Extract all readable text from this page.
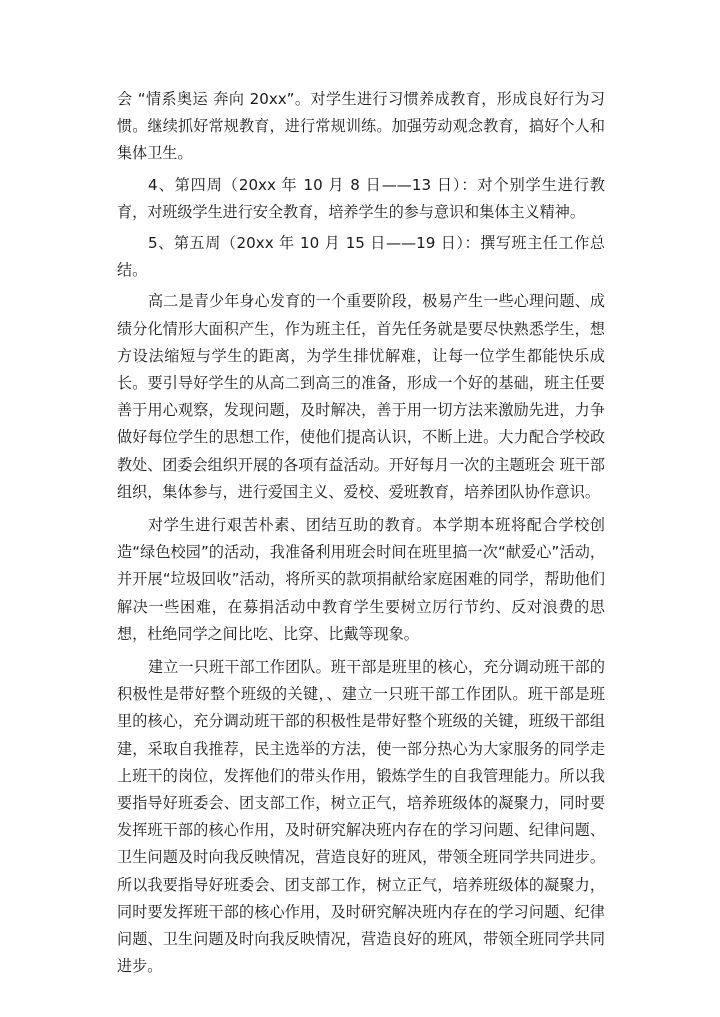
会 “情系奥运 奔向 20xx”。对学生进行习惯养成教育，形成良好行为习惯。继续抓好常规教育，进行常规训练。加强劳动观念教育，搞好个人和集体卫生。

4、第四周（20xx 年 10 月 8 日——13 日）：对个别学生进行教育，对班级学生进行安全教育，培养学生的参与意识和集体主义精神。

5、第五周（20xx 年 10 月 15 日——19 日）：撰写班主任工作总结。

高二是青少年身心发育的一个重要阶段，极易产生一些心理问题、成绩分化情形大面积产生，作为班主任，首先任务就是要尽快熟悉学生，想方设法缩短与学生的距离，为学生排忧解难，让每一位学生都能快乐成长。要引导好学生的从高二到高三的准备，形成一个好的基础，班主任要善于用心观察，发现问题，及时解决，善于用一切方法来激励先进，力争做好每位学生的思想工作，使他们提高认识，不断上进。大力配合学校政教处、团委会组织开展的各项有益活动。开好每月一次的主题班会 班干部组织，集体参与，进行爱国主义、爱校、爱班教育，培养团队协作意识。

对学生进行艰苦朴素、团结互助的教育。本学期本班将配合学校创造“绿色校园”的活动，我准备利用班会时间在班里搞一次“献爱心”活动，并开展“垃圾回收”活动，将所买的款项捐献给家庭困难的同学，帮助他们解决一些困难，在募捐活动中教育学生要树立厉行节约、反对浪费的思想，杜绝同学之间比吃、比穿、比戴等现象。

建立一只班干部工作团队。班干部是班里的核心，充分调动班干部的积极性是带好整个班级的关键，、建立一只班干部工作团队。班干部是班里的核心，充分调动班干部的积极性是带好整个班级的关键，班级干部组建，采取自我推荐，民主选举的方法，使一部分热心为大家服务的同学走上班干的岗位，发挥他们的带头作用，锻炼学生的自我管理能力。所以我要指导好班委会、团支部工作，树立正气，培养班级体的凝聚力，同时要发挥班干部的核心作用，及时研究解决班内存在的学习问题、纪律问题、卫生问题及时向我反映情况，营造良好的班风，带领全班同学共同进步。所以我要指导好班委会、团支部工作，树立正气，培养班级体的凝聚力，同时要发挥班干部的核心作用，及时研究解决班内存在的学习问题、纪律问题、卫生问题及时向我反映情况，营造良好的班风，带领全班同学共同进步。
